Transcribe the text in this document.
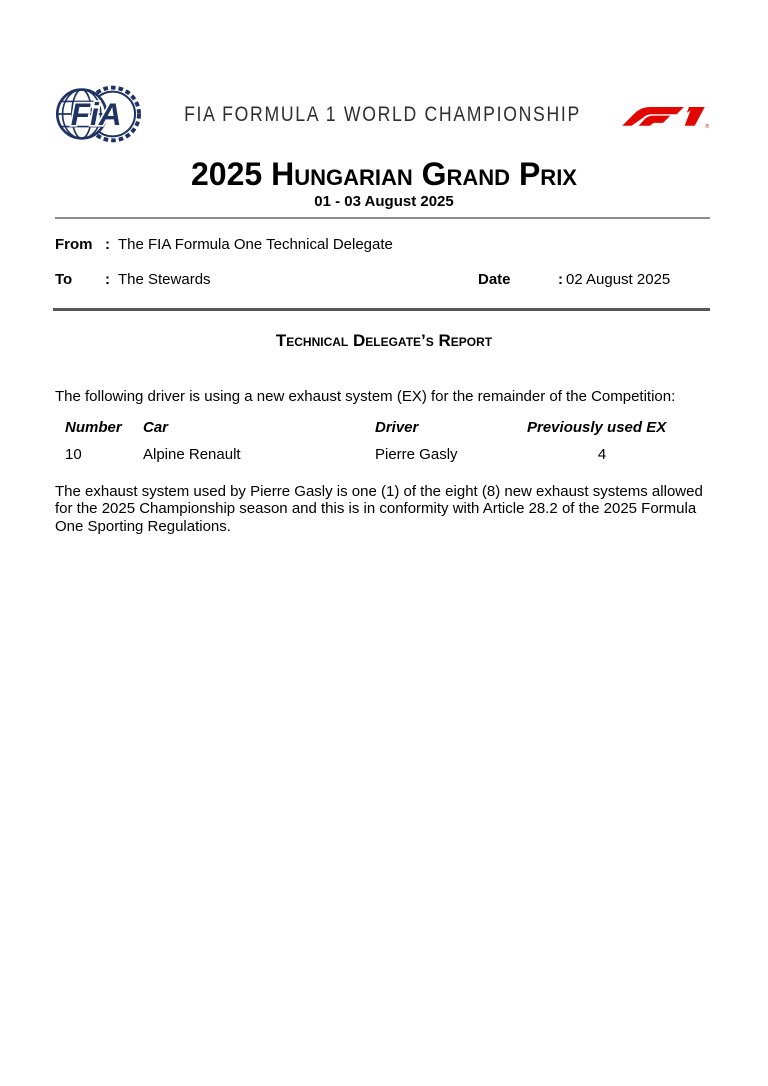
FiA	FIA FORMULA 1 WORLD CHAMPIONSHIP
®
2025 Hungarian Grand Prix
01 - 03 August 2025
From : The FIA Formula One Technical Delegate
To : The Stewards	Date	: 02 August 2025
Technical Delegate’s Report
The following driver is using a new exhaust system (EX) for the remainder of the Competition:
Number	Car	Driver	Previously used EX
10	Alpine Renault	Pierre Gasly	4
The exhaust system used by Pierre Gasly is one (1) of the eight (8) new exhaust systems allowed for the 2025 Championship season and this is in conformity with Article 28.2 of the 2025 Formula One Sporting Regulations.
